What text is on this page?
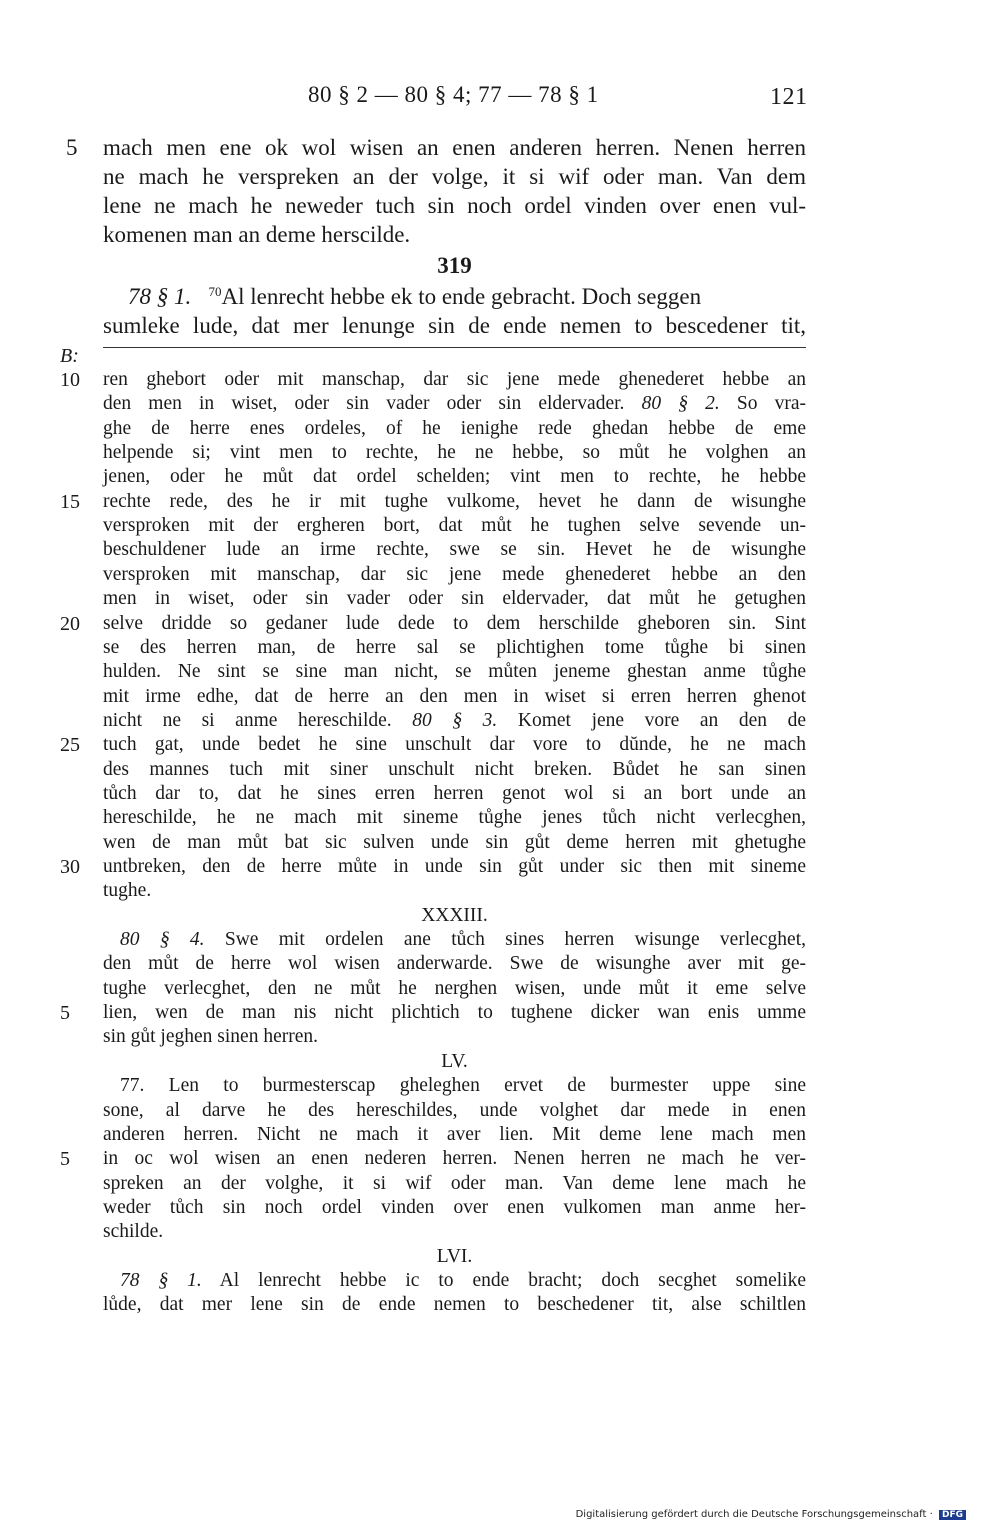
80 § 2 — 80 § 4; 77 — 78 § 1	121
5 mach men ene ok wol wisen an enen anderen herren. Nenen herren
ne mach he verspreken an der volge, it si wif oder man. Van dem
lene ne mach he neweder tuch sin noch ordel vinden over enen vul-
komenen man an deme herscilde.
319
78 § 1. $^{70}$Al lenrecht hebbe ek to ende gebracht. Doch seggen
sumleke lude, dat mer lenunge sin de ende nemen to bescedener tit,
B:
10 ren ghebort oder mit manschap, dar sic jene mede ghenederet hebbe an
den men in wiset, oder sin vader oder sin eldervader. 80 § 2. So vra-
ghe de herre enes ordeles, of he ienighe rede ghedan hebbe de eme
helpende si; vint men to rechte, he ne hebbe, so můt he volghen an
jenen, oder he můt dat ordel schelden; vint men to rechte, he hebbe
15 rechte rede, des he ir mit tughe vulkome, hevet he dann de wisunghe
versproken mit der ergheren bort, dat můt he tughen selve sevende un-
beschuldener lude an irme rechte, swe se sin. Hevet he de wisunghe
versproken mit manschap, dar sic jene mede ghenederet hebbe an den
men in wiset, oder sin vader oder sin eldervader, dat můt he getughen
20 selve dridde so gedaner lude dede to dem herschilde gheboren sin. Sint
se des herren man, de herre sal se plichtighen tome tůghe bi sinen
hulden. Ne sint se sine man nicht, se můten jeneme ghestan anme tůghe
mit irme edhe, dat de herre an den men in wiset si erren herren ghenot
nicht ne si anme hereschilde. 80 § 3. Komet jene vore an den de
25 tuch gat, unde bedet he sine unschult dar vore to dŭnde, he ne mach
des mannes tuch mit siner unschult nicht breken. Bůdet he san sinen
tůch dar to, dat he sines erren herren genot wol si an bort unde an
hereschilde, he ne mach mit sineme tůghe jenes tůch nicht verlecghen,
wen de man můt bat sic sulven unde sin gůt deme herren mit ghetughe
30 untbreken, den de herre můte in unde sin gůt under sic then mit sineme
tughe.
XXXIII.
80 § 4. Swe mit ordelen ane tůch sines herren wisunge verlecghet,
den můt de herre wol wisen anderwarde. Swe de wisunghe aver mit ge-
tughe verlecghet, den ne můt he nerghen wisen, unde můt it eme selve
5 lien, wen de man nis nicht plichtich to tughene dicker wan enis umme
sin gůt jeghen sinen herren.
LV.
77. Len to burmesterscap gheleghen ervet de burmester uppe sine
sone, al darve he des hereschildes, unde volghet dar mede in enen
anderen herren. Nicht ne mach it aver lien. Mit deme lene mach men
5 in oc wol wisen an enen nederen herren. Nenen herren ne mach he ver-
spreken an der volghe, it si wif oder man. Van deme lene mach he
weder tůch sin noch ordel vinden over enen vulkomen man anme her-
schilde.
LVI.
78 § 1. Al lenrecht hebbe ic to ende bracht; doch secghet somelike
lůde, dat mer lene sin de ende nemen to beschedener tit, alse schiltlen
Digitalisierung gefördert durch die Deutsche Forschungsgemeinschaft · DFG
